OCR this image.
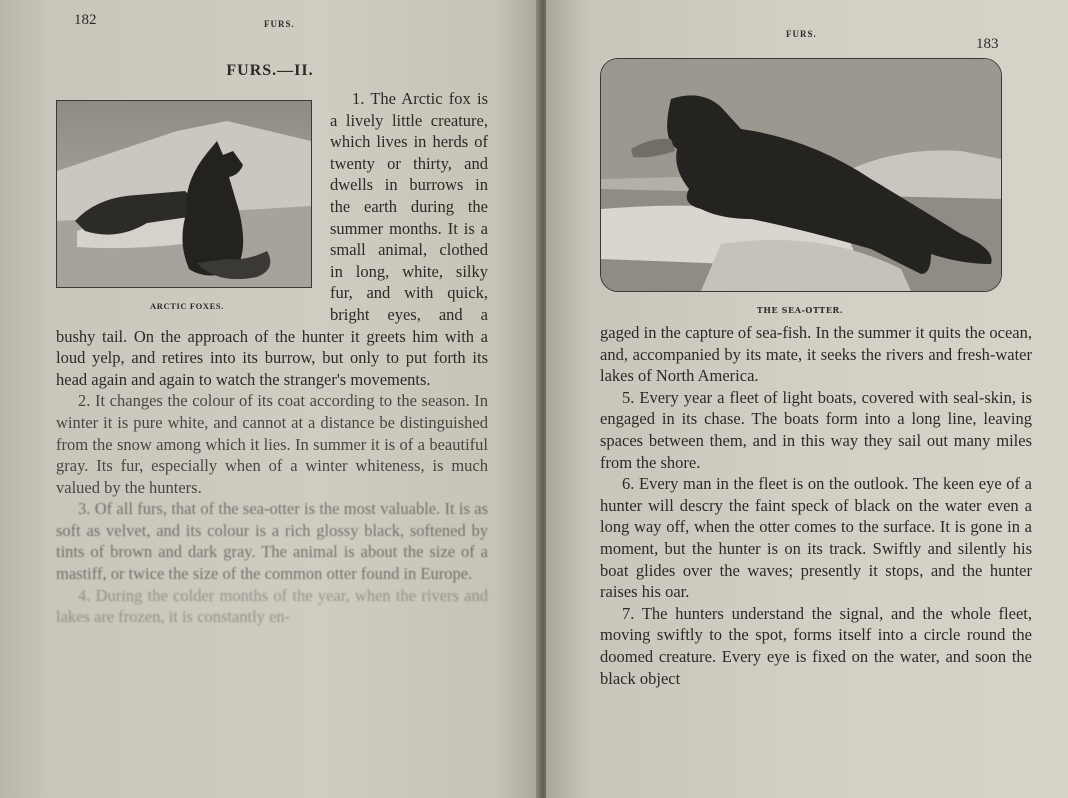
182	FURS.
FURS.—II.
ARCTIC FOXES.

1. The Arctic fox is a lively little creature, which lives in herds of twenty or thirty, and dwells in burrows in the earth during the summer months. It is a small animal, clothed in long, white, silky fur, and with quick, bright eyes, and a bushy tail. On the approach of the hunter it greets him with a loud yelp, and retires into its burrow, but only to put forth its head again and again to watch the stranger's movements.

2. It changes the colour of its coat according to the season. In winter it is pure white, and cannot at a distance be distinguished from the snow among which it lies. In summer it is of a beautiful gray. Its fur, especially when of a winter whiteness, is much valued by the hunters.

3. Of all furs, that of the sea-otter is the most valuable. It is as soft as velvet, and its colour is a rich glossy black, softened by tints of brown and dark gray. The animal is about the size of a mastiff, or twice the size of the common otter found in Europe.

4. During the colder months of the year, when the rivers and lakes are frozen, it is constantly en-

FURS.
183
THE SEA-OTTER.

gaged in the capture of sea-fish. In the summer it quits the ocean, and, accompanied by its mate, it seeks the rivers and fresh-water lakes of North America.

5. Every year a fleet of light boats, covered with seal-skin, is engaged in its chase. The boats form into a long line, leaving spaces between them, and in this way they sail out many miles from the shore.

6. Every man in the fleet is on the outlook. The keen eye of a hunter will descry the faint speck of black on the water even a long way off, when the otter comes to the surface. It is gone in a moment, but the hunter is on its track. Swiftly and silently his boat glides over the waves; presently it stops, and the hunter raises his oar.

7. The hunters understand the signal, and the whole fleet, moving swiftly to the spot, forms itself into a circle round the doomed creature. Every eye is fixed on the water, and soon the black object
